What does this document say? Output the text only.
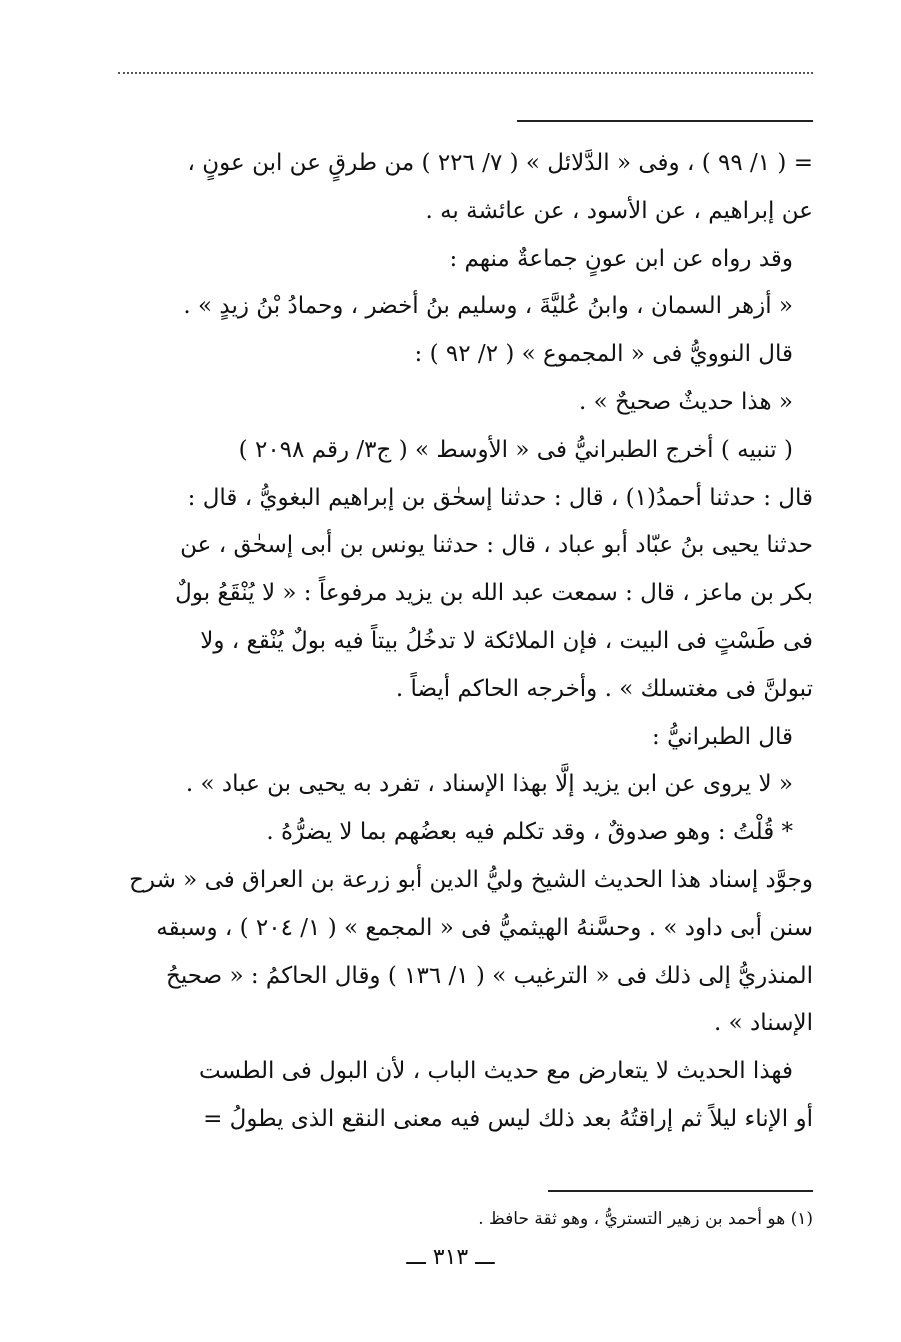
= ( ١/ ٩٩ ) ، وفى « الدَّلائل » ( ٧/ ٢٢٦ ) من طرقٍ عن ابن عونٍ ،
عن إبراهيم ، عن الأسود ، عن عائشة به .
وقد رواه عن ابن عونٍ جماعةٌ منهم :
« أزهر السمان ، وابنُ عُليَّةَ ، وسليم بنُ أخضر ، وحمادُ بْنُ زيدٍ » .
قال النوويُّ فى « المجموع » ( ٢/ ٩٢ ) :
« هذا حديثٌ صحيحٌ » .
( تنبيه ) أخرج الطبرانيُّ فى « الأوسط » ( ج٣/ رقم ٢٠٩٨ )
قال : حدثنا أحمدُ(١) ، قال : حدثنا إسحٰق بن إبراهيم البغويُّ ، قال :
حدثنا يحيى بنُ عبّاد أبو عباد ، قال : حدثنا يونس بن أبى إسحٰق ، عن
بكر بن ماعز ، قال : سمعت عبد الله بن يزيد مرفوعاً : « لا يُنْقَعُ بولٌ
فى طَسْتٍ فى البيت ، فإن الملائكة لا تدخُلُ بيتاً فيه بولٌ يُنْقع ، ولا
تبولنَّ فى مغتسلك » . وأخرجه الحاكم أيضاً .
قال الطبرانيُّ :
« لا يروى عن ابن يزيد إلَّا بهذا الإسناد ، تفرد به يحيى بن عباد » .
* قُلْتُ : وهو صدوقٌ ، وقد تكلم فيه بعضُهم بما لا يضرُّهُ .
وجوَّد إسناد هذا الحديث الشيخ وليُّ الدين أبو زرعة بن العراق فى « شرح
سنن أبى داود » . وحسَّنهُ الهيثميُّ فى « المجمع » ( ١/ ٢٠٤ ) ، وسبقه
المنذريُّ إلى ذلك فى « الترغيب » ( ١/ ١٣٦ ) وقال الحاكمُ : « صحيحُ
الإسناد » .
فهذا الحديث لا يتعارض مع حديث الباب ، لأن البول فى الطست
أو الإناء ليلاً ثم إراقتُهُ بعد ذلك ليس فيه معنى النقع الذى يطولُ =
(١) هو أحمد بن زهير التستريُّ ، وهو ثقة حافظ .
ـــ ٣١٣ ـــ
